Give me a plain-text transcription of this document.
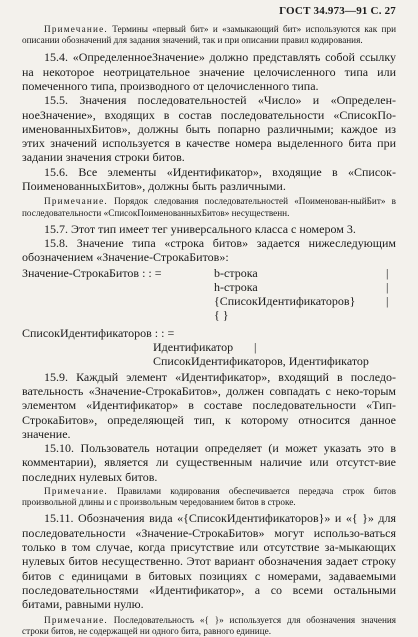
ГОСТ 34.973—91 С. 27

Примечание. Термины «первый бит» и «замыкающий бит» используются как при описании обозначений для задания значений, так и при описании правил кодирования.

15.4. «ОпределенноеЗначение» должно представлять собой ссылку на некоторое неотрицательное значение целочисленного типа или помеченного типа, производного от целочисленного типа.

15.5. Значения последовательностей «Число» и «Определен-ноеЗначение», входящих в состав последовательности «СписокПо-именованныхБитов», должны быть попарно различными; каждое из этих значений используется в качестве номера выделенного бита при задании значения строки битов.

15.6. Все элементы «Идентификатор», входящие в «Список-ПоименованныхБитов», должны быть различными.

Примечание. Порядок следования последовательностей «Поименован-ныйБит» в последовательности «СписокПоименованныхБитов» несущественн.

15.7. Этот тип имеет тег универсального класса с номером 3.

15.8. Значение типа «строка битов» задается нижеследующим обозначением «Значение-СтрокаБитов»:

Значение-СтрокаБитов : : =	b-строка
h-строка
{СписокИдентификаторов}
{ }
|
|
|
СписокИдентификаторов : : =
Идентификатор |
СписокИдентификаторов, Идентификатор

15.9. Каждый элемент «Идентификатор», входящий в последо-вательность «Значение-СтрокаБитов», должен совпадать с неко-торым элементом «Идентификатор» в составе последовательности «Тип-СтрокаБитов», определяющей тип, к которому относится данное значение.

15.10. Пользователь нотации определяет (и может указать это в комментарии), является ли существенным наличие или отсутст-вие последних нулевых битов.

Примечание. Правилами кодирования обеспечивается передача строк битов произвольной длины и с произвольным чередованием битов в строке.

15.11. Обозначения вида «{СписокИдентификаторов}» и «{ }» для последовательности «Значение-СтрокаБитов» могут использо-ваться только в том случае, когда присутствие или отсутствие за-мыкающих нулевых битов несущественно. Этот вариант обозначения задает строку битов с единицами в битовых позициях с номерами, задаваемыми последовательностями «Идентификатор», а со всеми остальными битами, равными нулю.

Примечание. Последовательность «{ }» используется для обозначения значения строки битов, не содержащей ни одного бита, равного единице.
